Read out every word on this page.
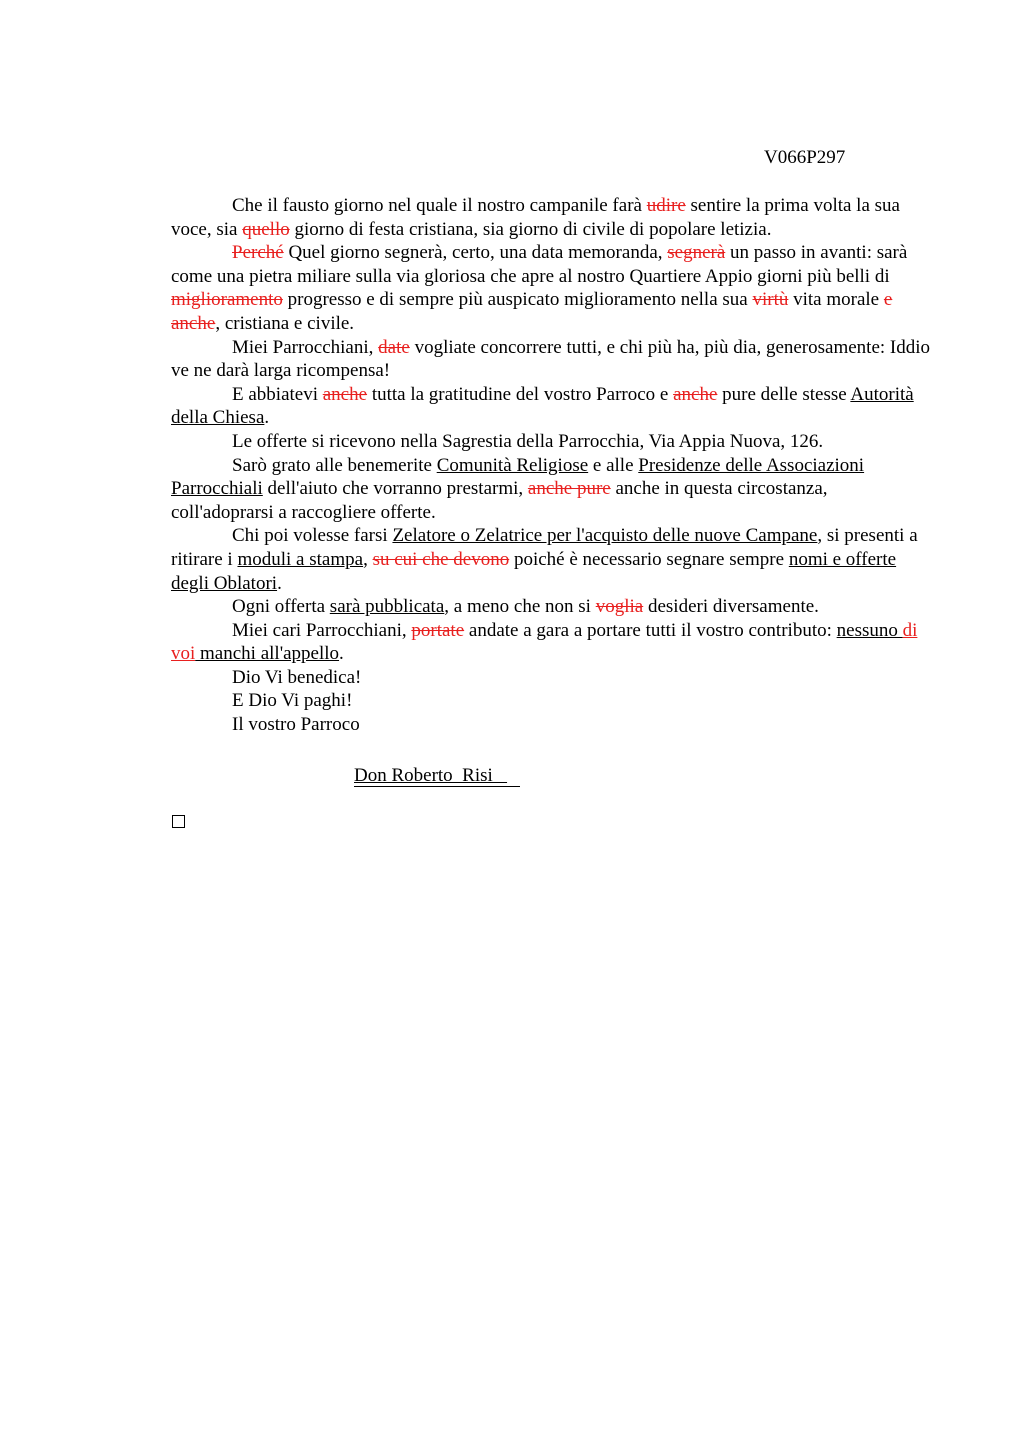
V066P297

Che il fausto giorno nel quale il nostro campanile farà udire sentire la prima volta la sua voce, sia quello giorno di festa cristiana, sia giorno di civile di popolare letizia.

Perché Quel giorno segnerà, certo, una data memoranda, segnerà un passo in avanti: sarà come una pietra miliare sulla via gloriosa che apre al nostro Quartiere Appio giorni più belli di miglioramento progresso e di sempre più auspicato miglioramento nella sua virtù vita morale e anche, cristiana e civile.

Miei Parrocchiani, date vogliate concorrere tutti, e chi più ha, più dia, generosamente: Iddio ve ne darà larga ricompensa!

E abbiatevi anche tutta la gratitudine del vostro Parroco e anche pure delle stesse Autorità della Chiesa.

Le offerte si ricevono nella Sagrestia della Parrocchia, Via Appia Nuova, 126.

Sarò grato alle benemerite Comunità Religiose e alle Presidenze delle Associazioni Parrocchiali dell'aiuto che vorranno prestarmi, anche pure anche in questa circostanza, coll'adoprarsi a raccogliere offerte.

Chi poi volesse farsi Zelatore o Zelatrice per l'acquisto delle nuove Campane, si presenti a ritirare i moduli a stampa, su cui che devono poiché è necessario segnare sempre nomi e offerte degli Oblatori.

Ogni offerta sarà pubblicata, a meno che non si voglia desideri diversamente.

Miei cari Parrocchiani, portate andate a gara a portare tutti il vostro contributo: nessuno di voi manchi all'appello.

Dio Vi benedica!

E Dio Vi paghi!

Il vostro Parroco

Don Roberto  Risi
